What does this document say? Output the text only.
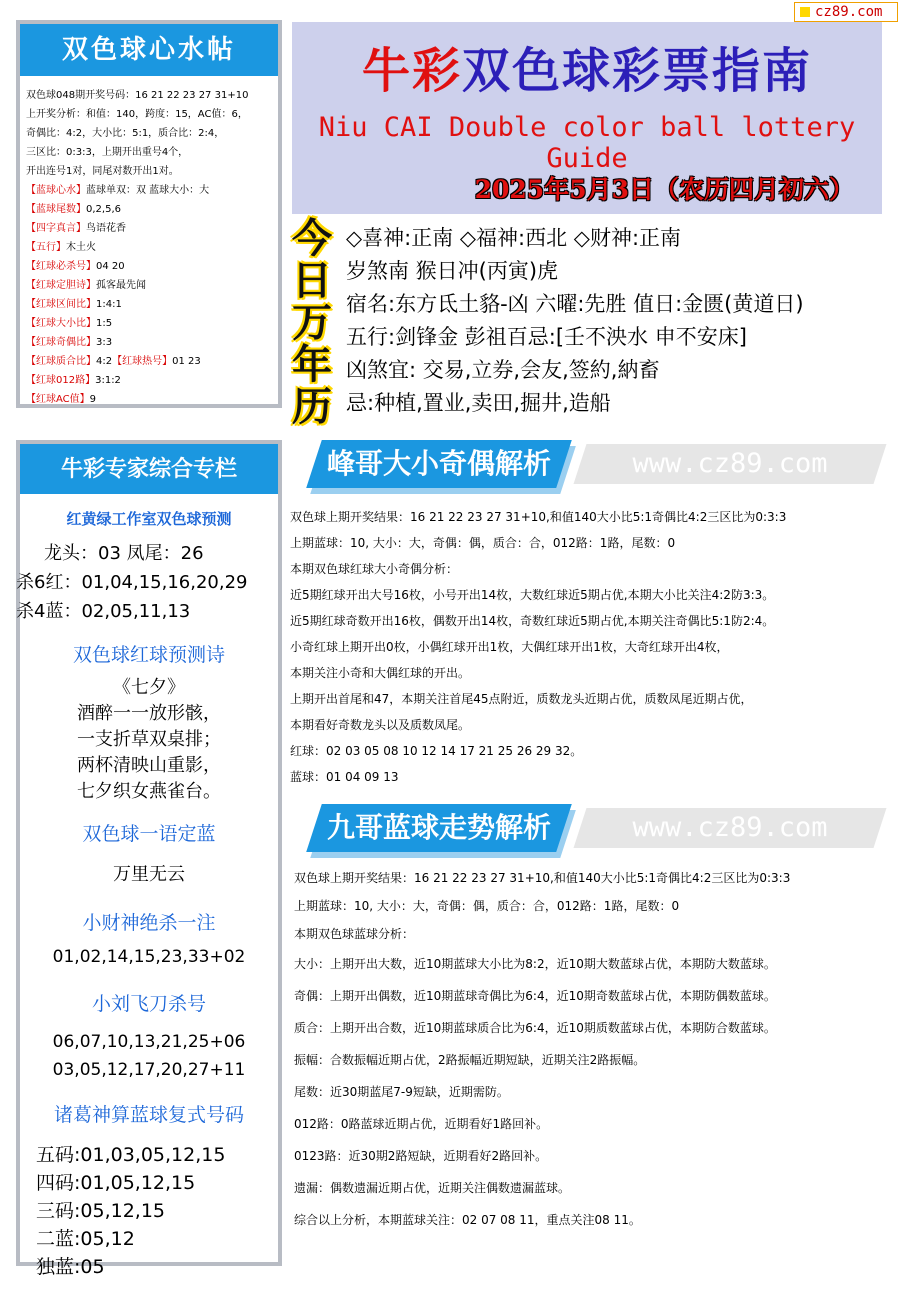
cz89.com
双色球心水帖
双色球048期开奖号码：16 21 22 23 27 31+10
上开奖分析：和值：140，跨度：15，AC值：6，
奇偶比：4:2，大小比：5:1，质合比：2:4，
三区比：0:3:3，上期开出重号4个，
开出连号1对，同尾对数开出1对。
【蓝球心水】蓝球单双：双 蓝球大小：大
【蓝球尾数】0,2,5,6
【四字真言】鸟语花香
【五行】木土火
【红球必杀号】04 20
【红球定胆诗】孤客最先闻
【红球区间比】1:4:1
【红球大小比】1:5
【红球奇偶比】3:3
【红球质合比】4:2【红球热号】01 23
【红球012路】3:1:2
【红球AC值】9
牛彩专家综合专栏
红黄绿工作室双色球预测
龙头：03 凤尾：26
杀6红：01,04,15,16,20,29
杀4蓝：02,05,11,13
双色球红球预测诗
《七夕》
酒醉一一放形骸，
一支折草双桌排；
两杯清映山重影，
七夕织女燕雀台。
双色球一语定蓝
万里无云
小财神绝杀一注
01,02,14,15,23,33+02
小刘飞刀杀号
06,07,10,13,21,25+06
03,05,12,17,20,27+11
诸葛神算蓝球复式号码
五码:01,03,05,12,15
四码:01,05,12,15
三码:05,12,15
二蓝:05,12
独蓝:05
牛彩双色球彩票指南
Niu CAI Double color ball lottery Guide
2025年5月3日（农历四月初六）
今
日
万
年
历
◇喜神:正南 ◇福神:西北 ◇财神:正南
岁煞南 猴日冲(丙寅)虎
宿名:东方氐土貉-凶 六曜:先胜 值日:金匮(黄道日)
五行:剑锋金 彭祖百忌:[壬不泱水 申不安床]
凶煞宜: 交易,立券,会友,签約,納畜
忌:种植,置业,卖田,掘井,造船
峰哥大小奇偶解析	www.cz89.com
双色球上期开奖结果：16 21 22 23 27 31+10,和值140大小比5:1奇偶比4:2三区比为0:3:3
上期蓝球：10, 大小：大，奇偶：偶，质合：合，012路：1路，尾数：0
本期双色球红球大小奇偶分析：
近5期红球开出大号16枚，小号开出14枚，大数红球近5期占优,本期大小比关注4:2防3:3。
近5期红球奇数开出16枚，偶数开出14枚，奇数红球近5期占优,本期关注奇偶比5:1防2:4。
小奇红球上期开出0枚，小偶红球开出1枚，大偶红球开出1枚，大奇红球开出4枚，
本期关注小奇和大偶红球的开出。
上期开出首尾和47，本期关注首尾45点附近，质数龙头近期占优，质数凤尾近期占优，
本期看好奇数龙头以及质数凤尾。
红球：02 03 05 08 10 12 14 17 21 25 26 29 32。
蓝球：01 04 09 13
九哥蓝球走势解析	www.cz89.com
双色球上期开奖结果：16 21 22 23 27 31+10,和值140大小比5:1奇偶比4:2三区比为0:3:3
上期蓝球：10, 大小：大，奇偶：偶，质合：合，012路：1路，尾数：0
本期双色球蓝球分析：
大小：上期开出大数，近10期蓝球大小比为8:2，近10期大数蓝球占优，本期防大数蓝球。
奇偶：上期开出偶数，近10期蓝球奇偶比为6:4，近10期奇数蓝球占优，本期防偶数蓝球。
质合：上期开出合数，近10期蓝球质合比为6:4，近10期质数蓝球占优，本期防合数蓝球。
振幅：合数振幅近期占优，2路振幅近期短缺，近期关注2路振幅。
尾数：近30期蓝尾7-9短缺，近期需防。
012路：0路蓝球近期占优，近期看好1路回补。
0123路：近30期2路短缺，近期看好2路回补。
遗漏：偶数遗漏近期占优，近期关注偶数遗漏蓝球。
综合以上分析，本期蓝球关注：02 07 08 11，重点关注08 11。
